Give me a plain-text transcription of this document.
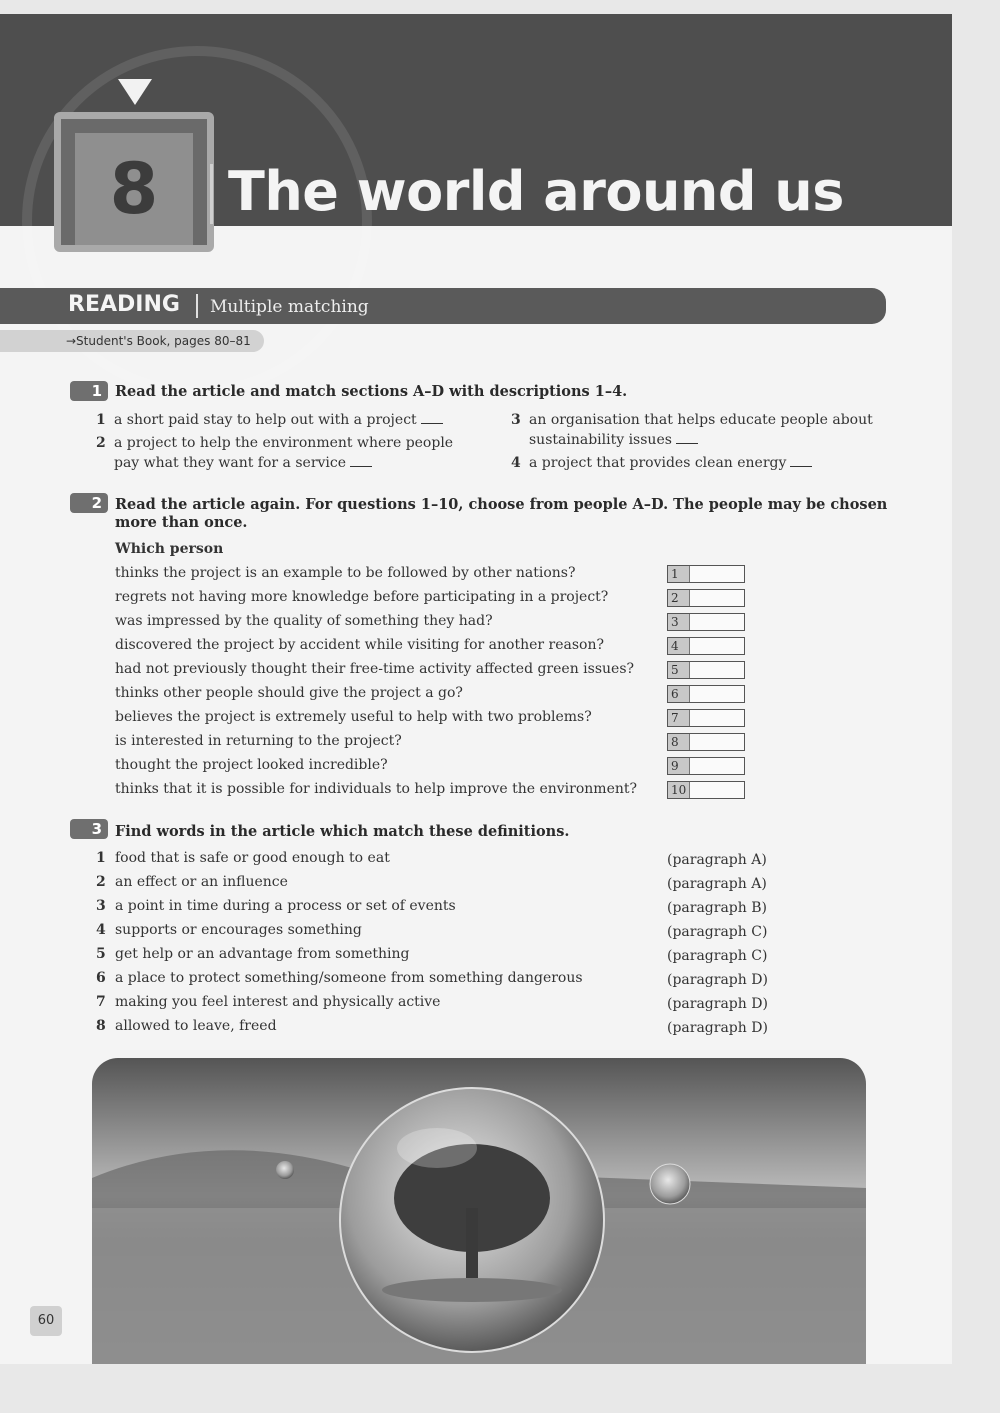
8	The world around us
READING Multiple matching
→Student's Book, pages 80–81
1 Read the article and match sections A–D with descriptions 1–4.
1 a short paid stay to help out with a project
2 a project to help the environment where people
pay what they want for a service
3 an organisation that helps educate people about
sustainability issues
4 a project that provides clean energy
2 Read the article again. For questions 1–10, choose from people A–D. The people may be chosen
more than once.
Which person
thinks the project is an example to be followed by other nations?	1
regrets not having more knowledge before participating in a project?	2
was impressed by the quality of something they had?	3
discovered the project by accident while visiting for another reason?	4
had not previously thought their free-time activity affected green issues?	5
thinks other people should give the project a go?	6
believes the project is extremely useful to help with two problems?	7
is interested in returning to the project?	8
thought the project looked incredible?	9
thinks that it is possible for individuals to help improve the environment?	10
3 Find words in the article which match these definitions.
1 food that is safe or good enough to eat	(paragraph A)
2 an effect or an influence	(paragraph A)
3 a point in time during a process or set of events	(paragraph B)
4 supports or encourages something	(paragraph C)
5 get help or an advantage from something	(paragraph C)
6 a place to protect something/someone from something dangerous	(paragraph D)
7 making you feel interest and physically active	(paragraph D)
8 allowed to leave, freed	(paragraph D)
60
